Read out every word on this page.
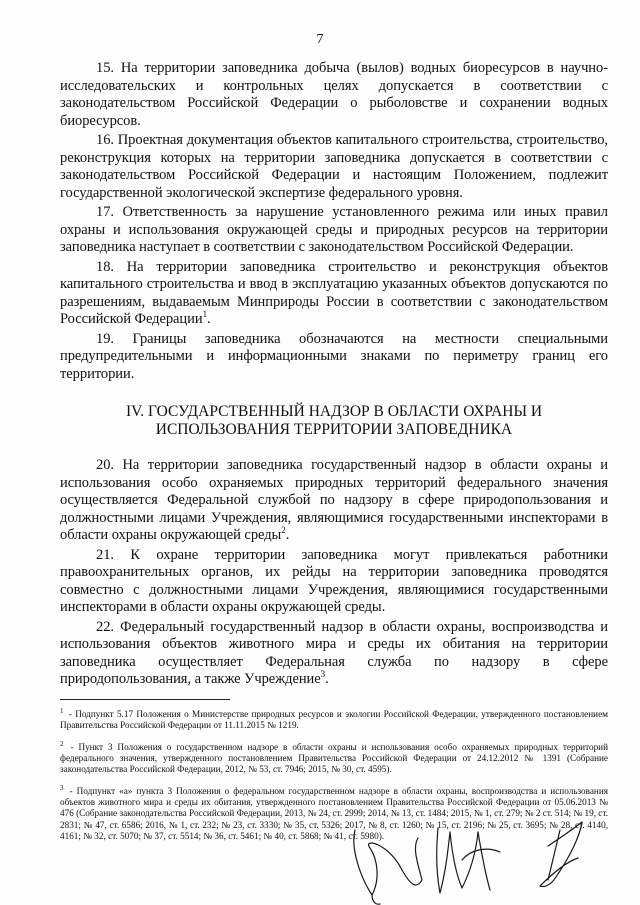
7

15. На территории заповедника добыча (вылов) водных биоресурсов в научно-исследовательских и контрольных целях допускается в соответствии с законодательством Российской Федерации о рыболовстве и сохранении водных биоресурсов.

16. Проектная документация объектов капитального строительства, строительство, реконструкция которых на территории заповедника допускается в соответствии с законодательством Российской Федерации и настоящим Положением, подлежит государственной экологической экспертизе федерального уровня.

17. Ответственность за нарушение установленного режима или иных правил охраны и использования окружающей среды и природных ресурсов на территории заповедника наступает в соответствии с законодательством Российской Федерации.

18. На территории заповедника строительство и реконструкция объектов капитального строительства и ввод в эксплуатацию указанных объектов допускаются по разрешениям, выдаваемым Минприроды России в соответствии с законодательством Российской Федерации$^1$.

19. Границы заповедника обозначаются на местности специальными предупредительными и информационными знаками по периметру границ его территории.

IV. ГОСУДАРСТВЕННЫЙ НАДЗОР В ОБЛАСТИ ОХРАНЫ И
ИСПОЛЬЗОВАНИЯ ТЕРРИТОРИИ ЗАПОВЕДНИКА

20. На территории заповедника государственный надзор в области охраны и использования особо охраняемых природных территорий федерального значения осуществляется Федеральной службой по надзору в сфере природопользования и должностными лицами Учреждения, являющимися государственными инспекторами в области охраны окружающей среды$^2$.

21. К охране территории заповедника могут привлекаться работники правоохранительных органов, их рейды на территории заповедника проводятся совместно с должностными лицами Учреждения, являющимися государственными инспекторами в области охраны окружающей среды.

22. Федеральный государственный надзор в области охраны, воспроизводства и использования объектов животного мира и среды их обитания на территории заповедника осуществляет Федеральная служба по надзору в сфере природопользования, а также Учреждение$^3$.

$^1$ - Подпункт 5.17 Положения о Министерстве природных ресурсов и экологии Российской Федерации, утвержденного постановлением Правительства Российской Федерации от 11.11.2015 № 1219.

$^2$ - Пункт 3 Положения о государственном надзоре в области охраны и использования особо охраняемых природных территорий федерального значения, утвержденного постановлением Правительства Российской Федерации от 24.12.2012 № 1391 (Собрание законодательства Российской Федерации, 2012, № 53, ст. 7946; 2015, № 30, ст. 4595).

$^3$ - Подпункт «а» пункта 3 Положения о федеральном государственном надзоре в области охраны, воспроизводства и использования объектов животного мира и среды их обитания, утвержденного постановлением Правительства Российской Федерации от 05.06.2013 № 476 (Собрание законодательства Российской Федерации, 2013, № 24, ст. 2999; 2014, № 13, ст. 1484; 2015, № 1, ст. 279; № 2 ст. 514; № 19, ст. 2831; № 47, ст. 6586; 2016, № 1, ст. 232; № 23, ст. 3330; № 35, ст. 5326; 2017, № 8, ст. 1260; № 15, ст. 2196; № 25, ст. 3695; № 28, ст. 4140, 4161; № 32, ст. 5070; № 37, ст. 5514; № 36, ст. 5461; № 40, ст. 5868; № 41, ст. 5980).
